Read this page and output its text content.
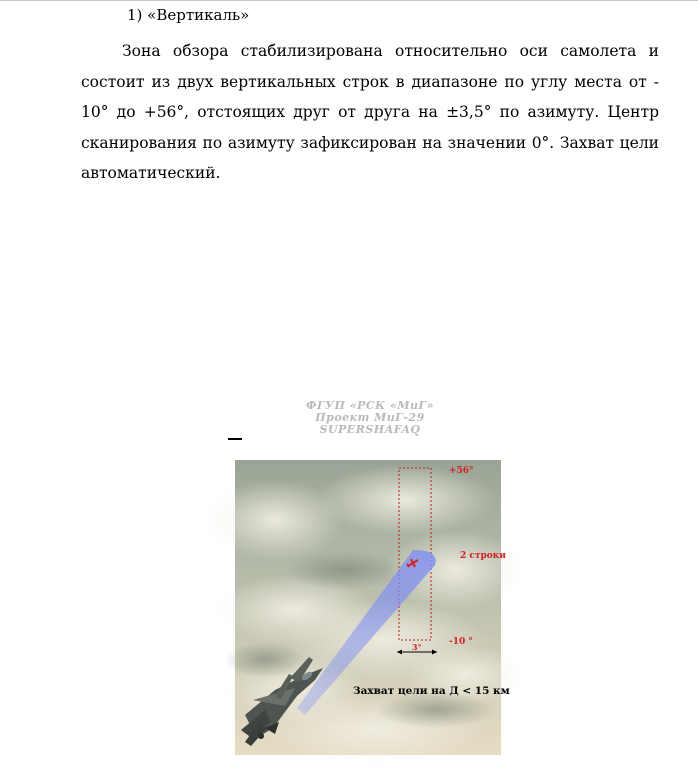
1) «Вертикаль»

Зона обзора стабилизирована относительно оси самолета и состоит из двух вертикальных строк в диапазоне по углу места от - 10° до +56°, отстоящих друг от друга на ±3,5° по азимуту. Центр сканирования по азимуту зафиксирован на значении 0°. Захват цели автоматический.

ФГУП «РСК «МиГ»
Проект МиГ-29
SUPERSHAFAQ
+56°
2 строки
-10 °
3°
Захват цели на Д < 15 км
